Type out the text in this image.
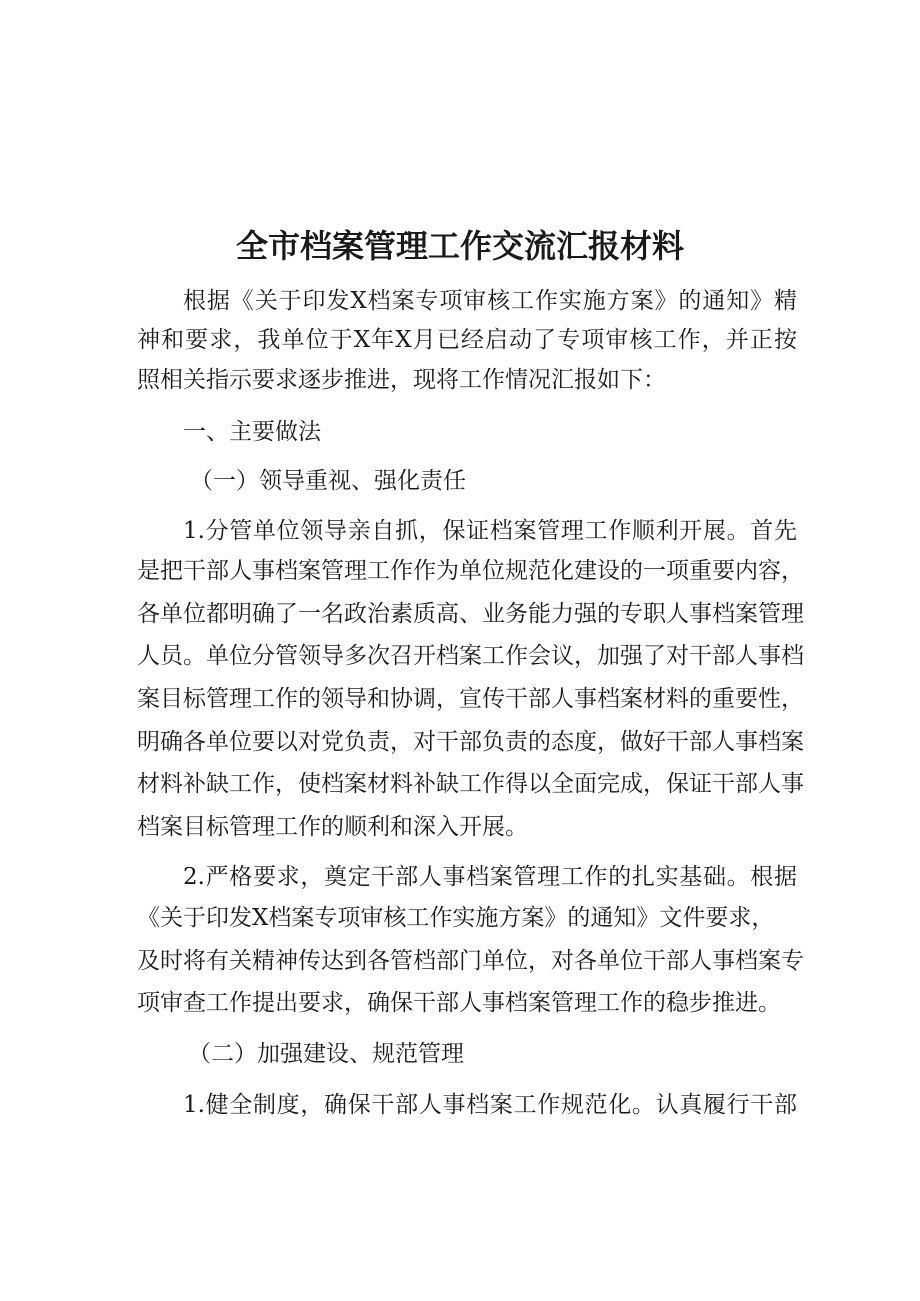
全市档案管理工作交流汇报材料
根据《关于印发X档案专项审核工作实施方案》的通知》精
神和要求，我单位于X年X月已经启动了专项审核工作，并正按
照相关指示要求逐步推进，现将工作情况汇报如下：
一、主要做法
（一）领导重视、强化责任
1.分管单位领导亲自抓，保证档案管理工作顺利开展。首先
是把干部人事档案管理工作作为单位规范化建设的一项重要内容，
各单位都明确了一名政治素质高、业务能力强的专职人事档案管理
人员。单位分管领导多次召开档案工作会议，加强了对干部人事档
案目标管理工作的领导和协调，宣传干部人事档案材料的重要性，
明确各单位要以对党负责，对干部负责的态度，做好干部人事档案
材料补缺工作，使档案材料补缺工作得以全面完成，保证干部人事
档案目标管理工作的顺利和深入开展。
2.严格要求，奠定干部人事档案管理工作的扎实基础。根据
《关于印发X档案专项审核工作实施方案》的通知》文件要求，
及时将有关精神传达到各管档部门单位，对各单位干部人事档案专
项审查工作提出要求，确保干部人事档案管理工作的稳步推进。
（二）加强建设、规范管理
1.健全制度，确保干部人事档案工作规范化。认真履行干部
